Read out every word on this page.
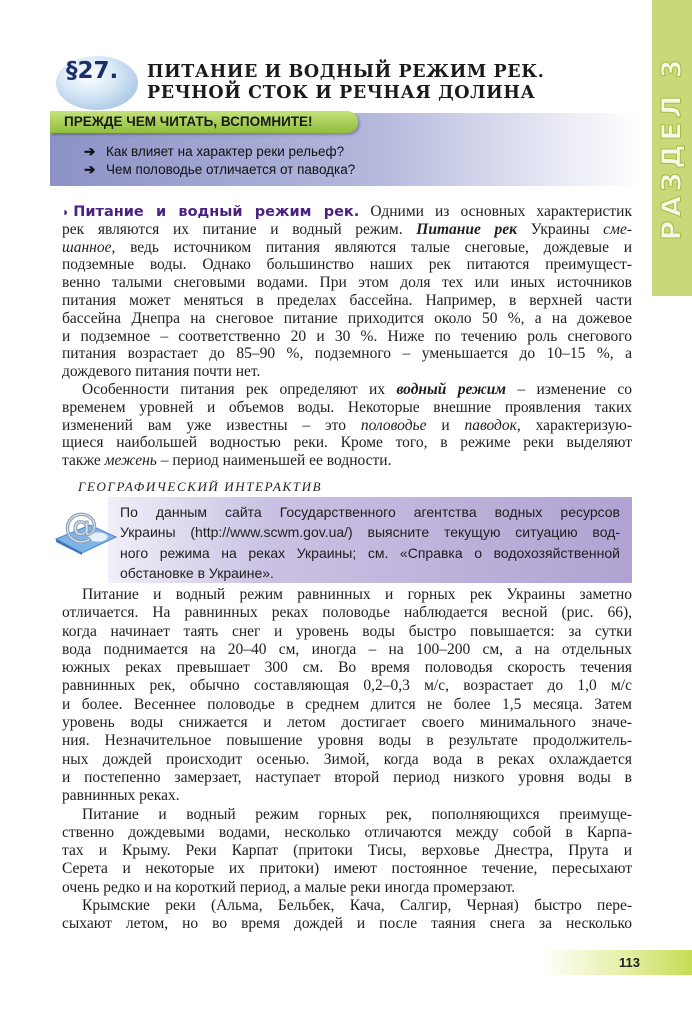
РАЗДЕЛ 3
§27. ПИТАНИЕ И ВОДНЫЙ РЕЖИМ РЕК.
РЕЧНОЙ СТОК И РЕЧНАЯ ДОЛИНА
ПРЕЖДЕ ЧЕМ ЧИТАТЬ, ВСПОМНИТЕ!
➔ Как влияет на характер реки рельеф?
➔ Чем половодье отличается от паводка?
◗ Питание и водный режим рек. Одними из основных характеристик
рек являются их питание и водный режим. Питание рек Украины сме-
шанное, ведь источником питания являются талые снеговые, дождевые и
подземные воды. Однако большинство наших рек питаются преимущест-
венно талыми снеговыми водами. При этом доля тех или иных источников
питания может меняться в пределах бассейна. Например, в верхней части
бассейна Днепра на снеговое питание приходится около 50 %, а на дожевое
и подземное – соответственно 20 и 30 %. Ниже по течению роль снегового
питания возрастает до 85–90 %, подземного – уменьшается до 10–15 %, а
дождевого питания почти нет.
Особенности питания рек определяют их водный режим – изменение со
временем уровней и объемов воды. Некоторые внешние проявления таких
изменений вам уже известны – это половодье и паводок, характеризую-
щиеся наибольшей водностью реки. Кроме того, в режиме реки выделяют
также межень – период наименьшей ее водности.
ГЕОГРАФИЧЕСКИЙ ИНТЕРАКТИВ
По данным сайта Государственного агентства водных ресурсов
Украины (http://www.scwm.gov.ua/) выясните текущую ситуацию вод-
ного режима на реках Украины; см. «Справка о водохозяйственной
обстановке в Украине».
@
Питание и водный режим равнинных и горных рек Украины заметно
отличается. На равнинных реках половодье наблюдается весной (рис. 66),
когда начинает таять снег и уровень воды быстро повышается: за сутки
вода поднимается на 20–40 см, иногда – на 100–200 см, а на отдельных
южных реках превышает 300 см. Во время половодья скорость течения
равнинных рек, обычно составляющая 0,2–0,3 м/с, возрастает до 1,0 м/с
и более. Весеннее половодье в среднем длится не более 1,5 месяца. Затем
уровень воды снижается и летом достигает своего минимального значе-
ния. Незначительное повышение уровня воды в результате продолжитель-
ных дождей происходит осенью. Зимой, когда вода в реках охлаждается
и постепенно замерзает, наступает второй период низкого уровня воды в
равнинных реках.
Питание и водный режим горных рек, пополняющихся преимуще-
ственно дождевыми водами, несколько отличаются между собой в Карпа-
тах и Крыму. Реки Карпат (притоки Тисы, верховье Днестра, Прута и
Серета и некоторые их притоки) имеют постоянное течение, пересыхают
очень редко и на короткий период, а малые реки иногда промерзают.
Крымские реки (Альма, Бельбек, Кача, Салгир, Черная) быстро пере-
сыхают летом, но во время дождей и после таяния снега за несколько
113
